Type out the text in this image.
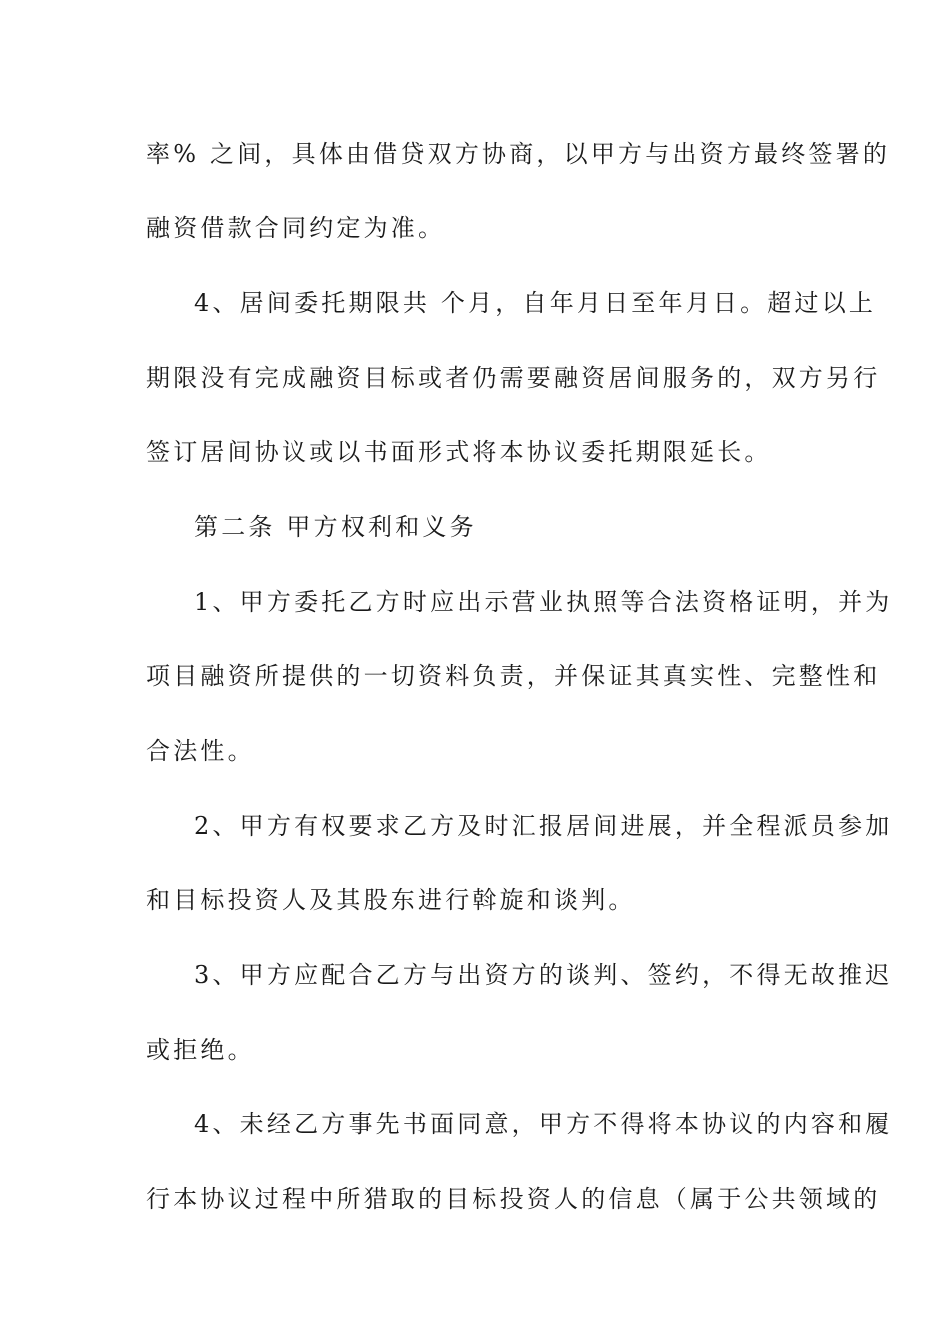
率% 之间，具体由借贷双方协商，以甲方与出资方最终签署的
融资借款合同约定为准。
4、居间委托期限共 个月，自年月日至年月日。超过以上
期限没有完成融资目标或者仍需要融资居间服务的，双方另行
签订居间协议或以书面形式将本协议委托期限延长。
第二条 甲方权利和义务
1、甲方委托乙方时应出示营业执照等合法资格证明，并为
项目融资所提供的一切资料负责，并保证其真实性、完整性和
合法性。
2、甲方有权要求乙方及时汇报居间进展，并全程派员参加
和目标投资人及其股东进行斡旋和谈判。
3、甲方应配合乙方与出资方的谈判、签约，不得无故推迟
或拒绝。
4、未经乙方事先书面同意，甲方不得将本协议的内容和履
行本协议过程中所猎取的目标投资人的信息（属于公共领域的
